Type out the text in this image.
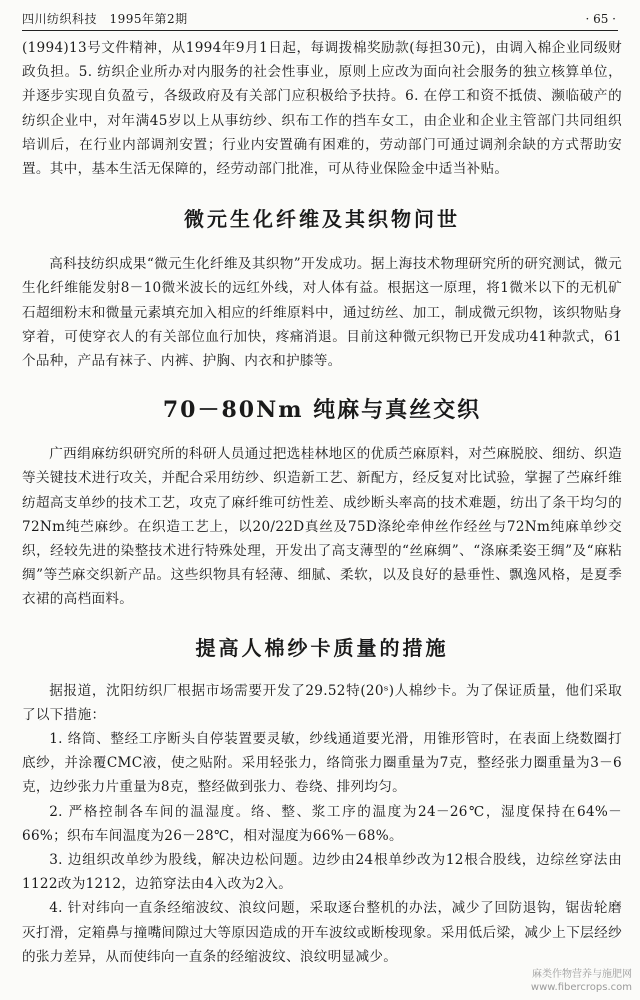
四川纺织科技　1995年第2期	· 65 ·

(1994)13号文件精神，从1994年9月1日起，每调拨棉奖励款(每担30元)，由调入棉企业同级财政负担。5. 纺织企业所办对内服务的社会性事业，原则上应改为面向社会服务的独立核算单位，并逐步实现自负盈亏，各级政府及有关部门应积极给予扶持。6. 在停工和资不抵债、濒临破产的纺织企业中，对年满45岁以上从事纺纱、织布工作的挡车女工，由企业和企业主管部门共同组织培训后，在行业内部调剂安置；行业内安置确有困难的，劳动部门可通过调剂余缺的方式帮助安置。其中，基本生活无保障的，经劳动部门批准，可从待业保险金中适当补贴。

微元生化纤维及其织物问世

高科技纺织成果“微元生化纤维及其织物”开发成功。据上海技术物理研究所的研究测试，微元生化纤维能发射8－10微米波长的远红外线，对人体有益。根据这一原理，将1微米以下的无机矿石超细粉末和微量元素填充加入相应的纤维原料中，通过纺丝、加工，制成微元织物，该织物贴身穿着，可使穿衣人的有关部位血行加快，疼痛消退。目前这种微元织物已开发成功41种款式，61个品种，产品有袜子、内裤、护胸、内衣和护膝等。

70－80Nm 纯麻与真丝交织

广西绢麻纺织研究所的科研人员通过把选桂林地区的优质苎麻原料，对苎麻脱胶、细纺、织造等关键技术进行攻关，并配合采用纺纱、织造新工艺、新配方，经反复对比试验，掌握了苎麻纤维纺超高支单纱的技术工艺，攻克了麻纤维可纺性差、成纱断头率高的技术难题，纺出了条干均匀的72Nm纯苎麻纱。在织造工艺上，以20/22D真丝及75D涤纶牵伸丝作经丝与72Nm纯麻单纱交织，经较先进的染整技术进行特殊处理，开发出了高支薄型的“丝麻绸”、“涤麻柔姿王绸”及“麻粘绸”等苎麻交织新产品。这些织物具有轻薄、细腻、柔软，以及良好的悬垂性、飘逸风格，是夏季衣裙的高档面料。

提高人棉纱卡质量的措施

据报道，沈阳纺织厂根据市场需要开发了29.52特(20ˢ)人棉纱卡。为了保证质量，他们采取了以下措施：

1. 络筒、整经工序断头自停装置要灵敏，纱线通道要光滑，用锥形管时，在表面上绕数圈打底纱，并涂覆CMC液，使之贴附。采用轻张力，络筒张力圈重量为7克，整经张力圈重量为3－6克，边纱张力片重量为8克，整经做到张力、卷绕、排列均匀。

2. 严格控制各车间的温湿度。络、整、浆工序的温度为24－26℃，湿度保持在64%－66%；织布车间温度为26－28℃，相对湿度为66%－68%。

3. 边组织改单纱为股线，解决边松问题。边纱由24根单纱改为12根合股线，边综丝穿法由1122改为1212，边筘穿法由4入改为2入。

4. 针对纬向一直条经缩波纹、浪纹问题，采取逐台整机的办法，减少了回防退钩，锯齿轮磨灭打滑，定箱鼻与撞嘴间隙过大等原因造成的开车波纹或断梭现象。采用低后梁，减少上下层经纱的张力差异，从而使纬向一直条的经缩波纹、浪纹明显减少。

麻类作物营养与施肥网
www.fibercrops.com
